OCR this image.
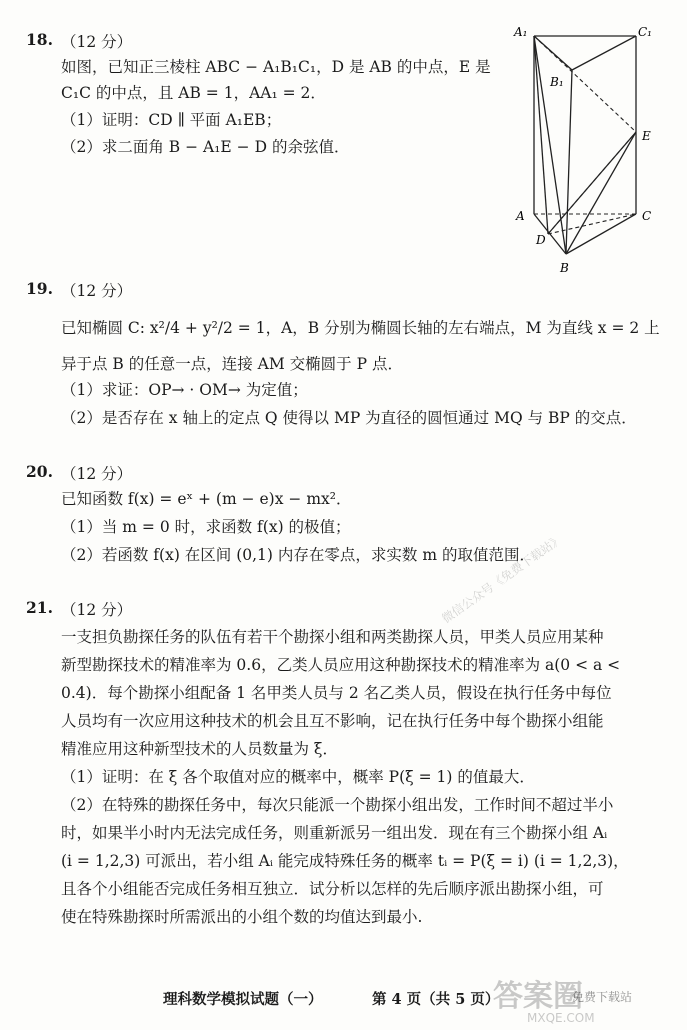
18. （12 分）
如图，已知正三棱柱 ABC − A₁B₁C₁，D 是 AB 的中点，E 是
C₁C 的中点，且 AB = 1，AA₁ = 2．
（1）证明：CD ∥ 平面 A₁EB；
（2）求二面角 B − A₁E − D 的余弦值．
A₁	C₁
B₁
E
A	C
D
B
19. （12 分）
已知椭圆 C: x²/4 + y²/2 = 1，A，B 分别为椭圆长轴的左右端点，M 为直线 x = 2 上
异于点 B 的任意一点，连接 AM 交椭圆于 P 点．
（1）求证：OP→ · OM→ 为定值；
（2）是否存在 x 轴上的定点 Q 使得以 MP 为直径的圆恒通过 MQ 与 BP 的交点．
20. （12 分）
已知函数 f(x) = eˣ + (m − e)x − mx²．
（1）当 m = 0 时，求函数 f(x) 的极值；
（2）若函数 f(x) 在区间 (0,1) 内存在零点，求实数 m 的取值范围．
21. （12 分）
一支担负勘探任务的队伍有若干个勘探小组和两类勘探人员，甲类人员应用某种
新型勘探技术的精准率为 0.6，乙类人员应用这种勘探技术的精准率为 a(0 < a <
0.4)．每个勘探小组配备 1 名甲类人员与 2 名乙类人员，假设在执行任务中每位
人员均有一次应用这种技术的机会且互不影响，记在执行任务中每个勘探小组能
精准应用这种新型技术的人员数量为 ξ．
（1）证明：在 ξ 各个取值对应的概率中，概率 P(ξ = 1) 的值最大．
（2）在特殊的勘探任务中，每次只能派一个勘探小组出发，工作时间不超过半小
时，如果半小时内无法完成任务，则重新派另一组出发．现在有三个勘探小组 Aᵢ
(i = 1,2,3) 可派出，若小组 Aᵢ 能完成特殊任务的概率 tᵢ = P(ξ = i) (i = 1,2,3)，
且各个小组能否完成任务相互独立．试分析以怎样的先后顺序派出勘探小组，可
使在特殊勘探时所需派出的小组个数的均值达到最小.
微信公众号《免费下载站》
答案圈
MXQE.COM
理科数学模拟试题（一）	第 4 页（共 5 页）	免费下载站
